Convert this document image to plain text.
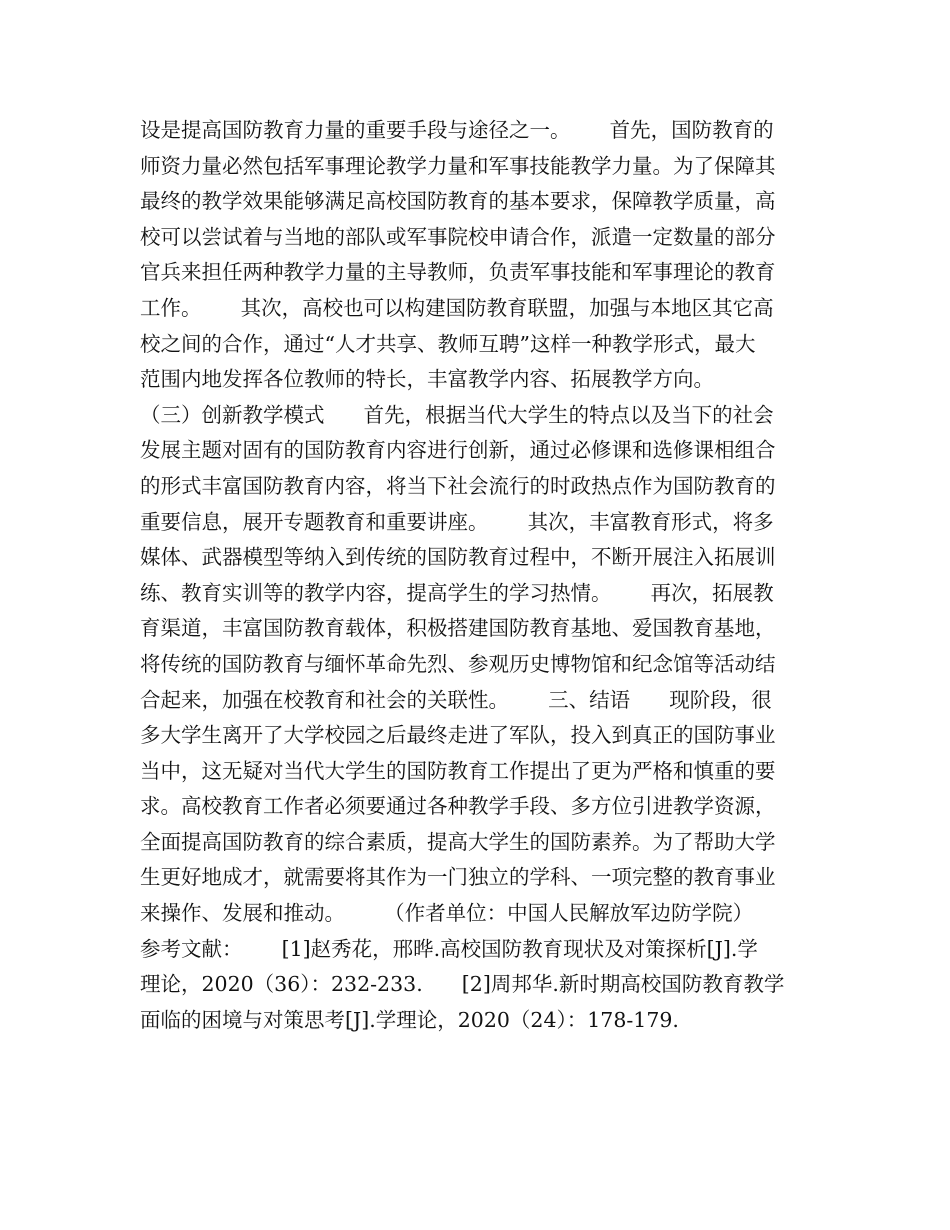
设是提高国防教育力量的重要手段与途径之一。      首先，国防教育的
师资力量必然包括军事理论教学力量和军事技能教学力量。为了保障其
最终的教学效果能够满足高校国防教育的基本要求，保障教学质量，高
校可以尝试着与当地的部队或军事院校申请合作，派遣一定数量的部分
官兵来担任两种教学力量的主导教师，负责军事技能和军事理论的教育
工作。      其次，高校也可以构建国防教育联盟，加强与本地区其它高
校之间的合作，通过“人才共享、教师互聘”这样一种教学形式，最大
范围内地发挥各位教师的特长，丰富教学内容、拓展教学方向。
（三）创新教学模式      首先，根据当代大学生的特点以及当下的社会
发展主题对固有的国防教育内容进行创新，通过必修课和选修课相组合
的形式丰富国防教育内容，将当下社会流行的时政热点作为国防教育的
重要信息，展开专题教育和重要讲座。      其次，丰富教育形式，将多
媒体、武器模型等纳入到传统的国防教育过程中，不断开展注入拓展训
练、教育实训等的教学内容，提高学生的学习热情。      再次，拓展教
育渠道，丰富国防教育载体，积极搭建国防教育基地、爱国教育基地，
将传统的国防教育与缅怀革命先烈、参观历史博物馆和纪念馆等活动结
合起来，加强在校教育和社会的关联性。      三、结语      现阶段，很
多大学生离开了大学校园之后最终走进了军队，投入到真正的国防事业
当中，这无疑对当代大学生的国防教育工作提出了更为严格和慎重的要
求。高校教育工作者必须要通过各种教学手段、多方位引进教学资源，
全面提高国防教育的综合素质，提高大学生的国防素养。为了帮助大学
生更好地成才，就需要将其作为一门独立的学科、一项完整的教育事业
来操作、发展和推动。      （作者单位：中国人民解放军边防学院）
参考文献：      [1]赵秀花，邢晔.高校国防教育现状及对策探析[J].学
理论，2020（36）：232-233.      [2]周邦华.新时期高校国防教育教学
面临的困境与对策思考[J].学理论，2020（24）：178-179.
